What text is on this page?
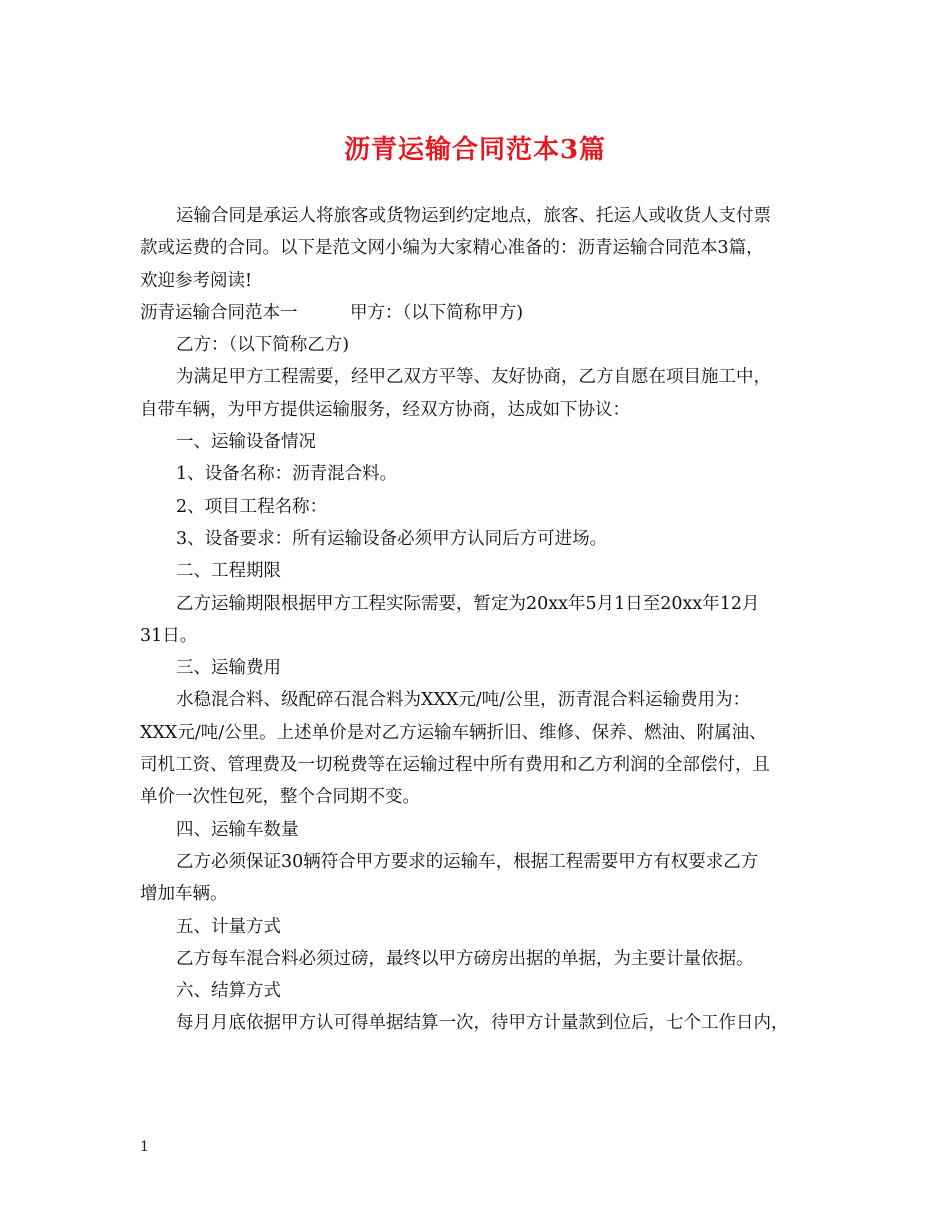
沥青运输合同范本3篇

运输合同是承运人将旅客或货物运到约定地点，旅客、托运人或收货人支付票

款或运费的合同。以下是范文网小编为大家精心准备的：沥青运输合同范本3篇，

欢迎参考阅读!

沥青运输合同范本一　　　甲方：（以下简称甲方)

乙方：（以下简称乙方)

为满足甲方工程需要，经甲乙双方平等、友好协商，乙方自愿在项目施工中，

自带车辆，为甲方提供运输服务，经双方协商，达成如下协议：

一、运输设备情况

1、设备名称：沥青混合料。

2、项目工程名称：

3、设备要求：所有运输设备必须甲方认同后方可进场。

二、工程期限

乙方运输期限根据甲方工程实际需要，暂定为20xx年5月1日至20xx年12月

31日。

三、运输费用

水稳混合料、级配碎石混合料为XXX元/吨/公里，沥青混合料运输费用为：

XXX元/吨/公里。上述单价是对乙方运输车辆折旧、维修、保养、燃油、附属油、

司机工资、管理费及一切税费等在运输过程中所有费用和乙方利润的全部偿付，且

单价一次性包死，整个合同期不变。

四、运输车数量

乙方必须保证30辆符合甲方要求的运输车，根据工程需要甲方有权要求乙方

增加车辆。

五、计量方式

乙方每车混合料必须过磅，最终以甲方磅房出据的单据，为主要计量依据。

六、结算方式

每月月底依据甲方认可得单据结算一次，待甲方计量款到位后，七个工作日内，

1
